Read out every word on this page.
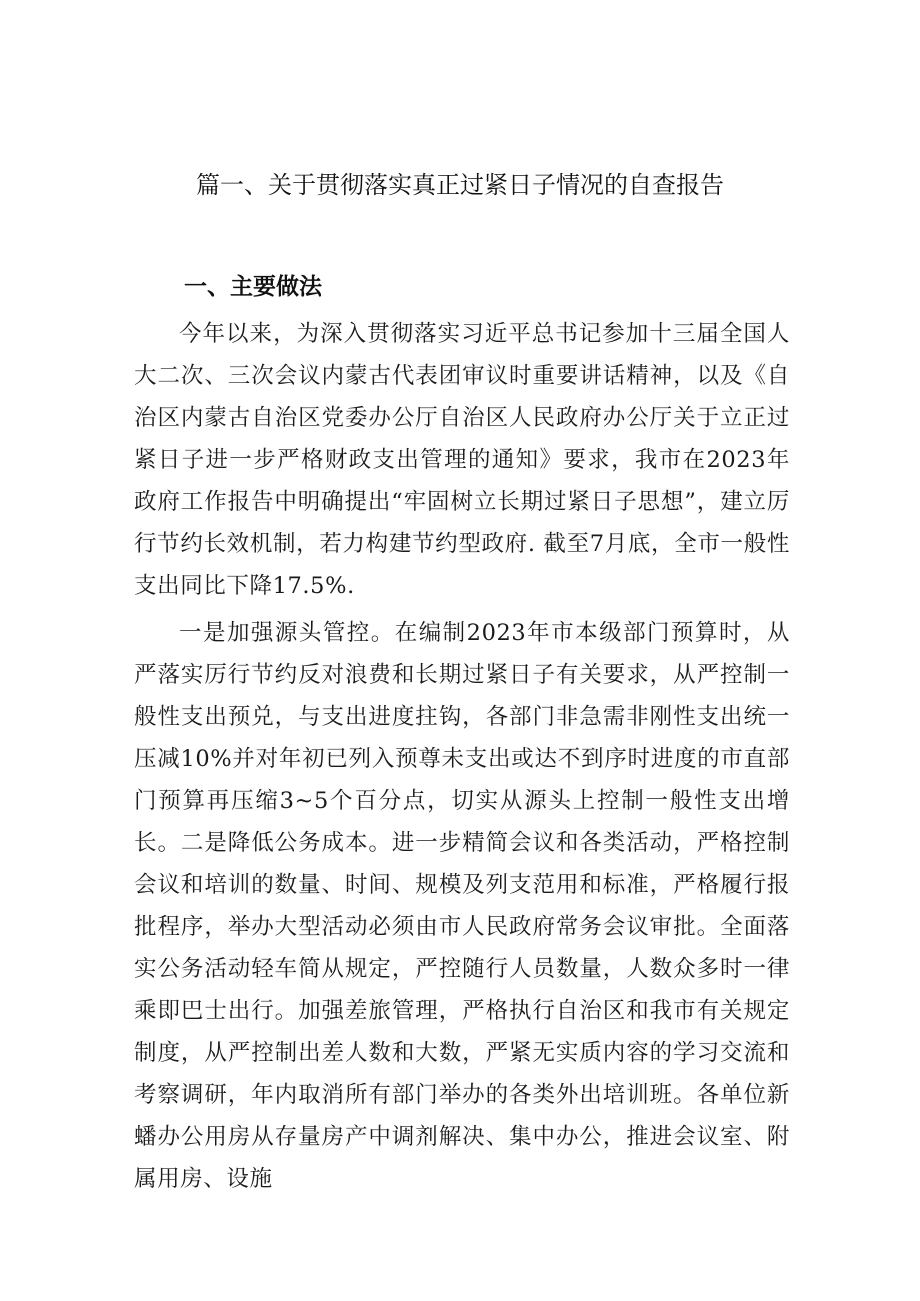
篇一、关于贯彻落实真正过紧日子情况的自查报告
一、主要做法

今年以来，为深入贯彻落实习近平总书记参加十三届全国人大二次、三次会议内蒙古代表团审议时重要讲话精神，以及《自治区内蒙古自治区党委办公厅自治区人民政府办公厅关于立正过紧日子进一步严格财政支出管理的通知》要求，我市在2023年政府工作报告中明确提出“牢固树立长期过紧日子思想”，建立厉行节约长效机制，若力构建节约型政府. 截至7月底，全市一般性支出同比下降17.5%.

一是加强源头管控。在编制2023年市本级部门预算时，从严落实厉行节约反对浪费和长期过紧日子有关要求，从严控制一般性支出预兑，与支出进度拄钩，各部门非急需非刚性支出统一压减10%并对年初已列入预尊未支出或达不到序时进度的市直部门预算再压缩3~5个百分点，切实从源头上控制一般性支出增长。二是降低公务成本。进一步精简会议和各类活动，严格控制会议和培训的数量、时间、规模及列支范用和标准，严格履行报批程序，举办大型活动必须由市人民政府常务会议审批。全面落实公务活动轻车简从规定，严控随行人员数量，人数众多时一律乘即巴士出行。加强差旅管理，严格执行自治区和我市有关规定制度，从严控制出差人数和大数，严紧无实质内容的学习交流和考察调研，年内取消所有部门举办的各类外出培训班。各单位新蟠办公用房从存量房产中调剂解决、集中办公，推进会议室、附属用房、设施
